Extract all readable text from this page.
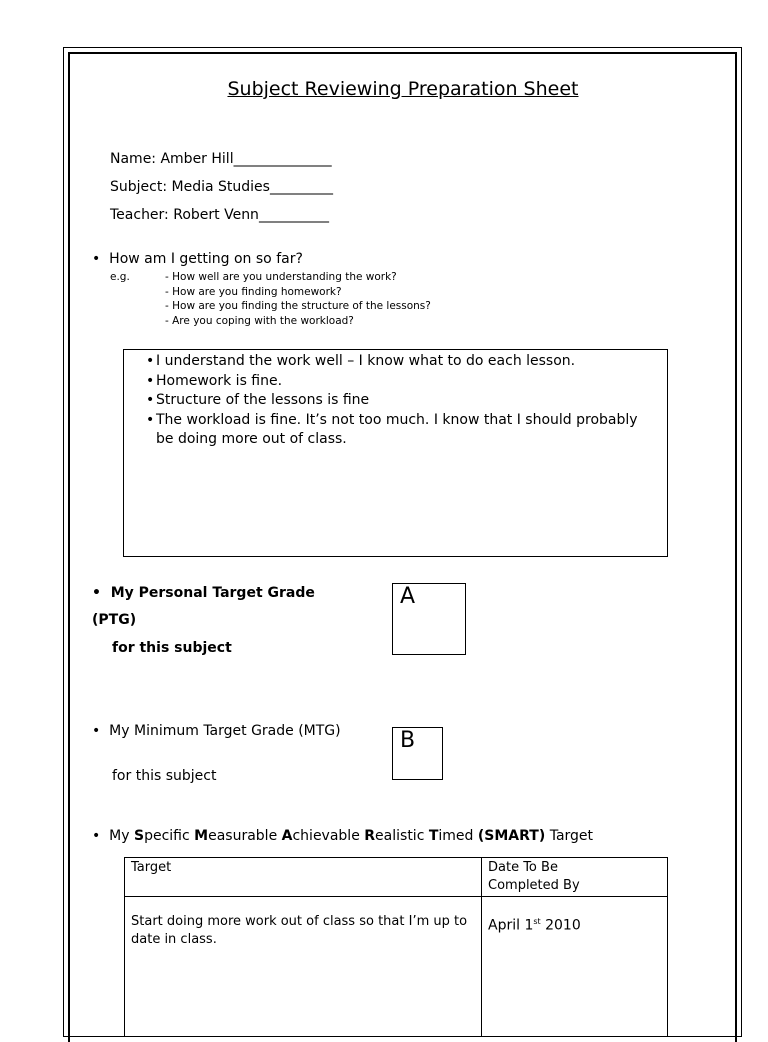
Subject Reviewing Preparation Sheet
Name: Amber Hill______________
Subject: Media Studies_________
Teacher: Robert Venn__________
• How am I getting on so far?
e.g.	- How well are you understanding the work?
- How are you finding homework?
- How are you finding the structure of the lessons?
- Are you coping with the workload?
• I understand the work well – I know what to do each lesson.
• Homework is fine.
• Structure of the lessons is fine
• The workload is fine. It’s not too much. I know that I should probably be doing more out of class.
•  My Personal Target Grade
(PTG)
for this subject
A
•  My Minimum Target Grade (MTG)
for this subject
B
•  My Specific Measurable Achievable Realistic Timed (SMART) Target
Target	Date To Be
Completed By

Start doing more work out of class so that I’m up to date in class.	April 1st 2010
